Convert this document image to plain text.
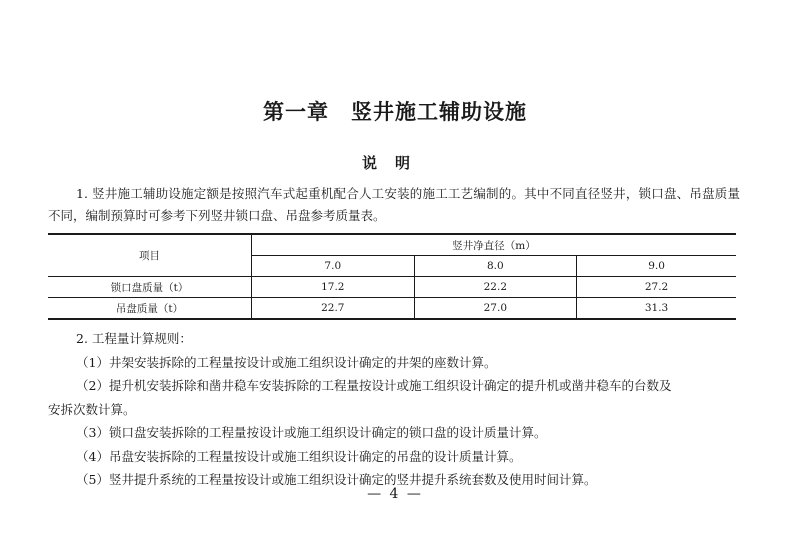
第一章　竖井施工辅助设施
说明
1. 竖井施工辅助设施定额是按照汽车式起重机配合人工安装的施工工艺编制的。其中不同直径竖井，锁口盘、吊盘质量不同，编制预算时可参考下列竖井锁口盘、吊盘参考质量表。
项目	竖井净直径（m）		
	7.0	8.0	9.0
锁口盘质量（t）	17.2	22.2	27.2
吊盘质量（t）	22.7	27.0	31.3
2. 工程量计算规则：
（1）井架安装拆除的工程量按设计或施工组织设计确定的井架的座数计算。
（2）提升机安装拆除和凿井稳车安装拆除的工程量按设计或施工组织设计确定的提升机或凿井稳车的台数及
安拆次数计算。
（3）锁口盘安装拆除的工程量按设计或施工组织设计确定的锁口盘的设计质量计算。
（4）吊盘安装拆除的工程量按设计或施工组织设计确定的吊盘的设计质量计算。
（5）竖井提升系统的工程量按设计或施工组织设计确定的竖井提升系统套数及使用时间计算。
— 4 —
